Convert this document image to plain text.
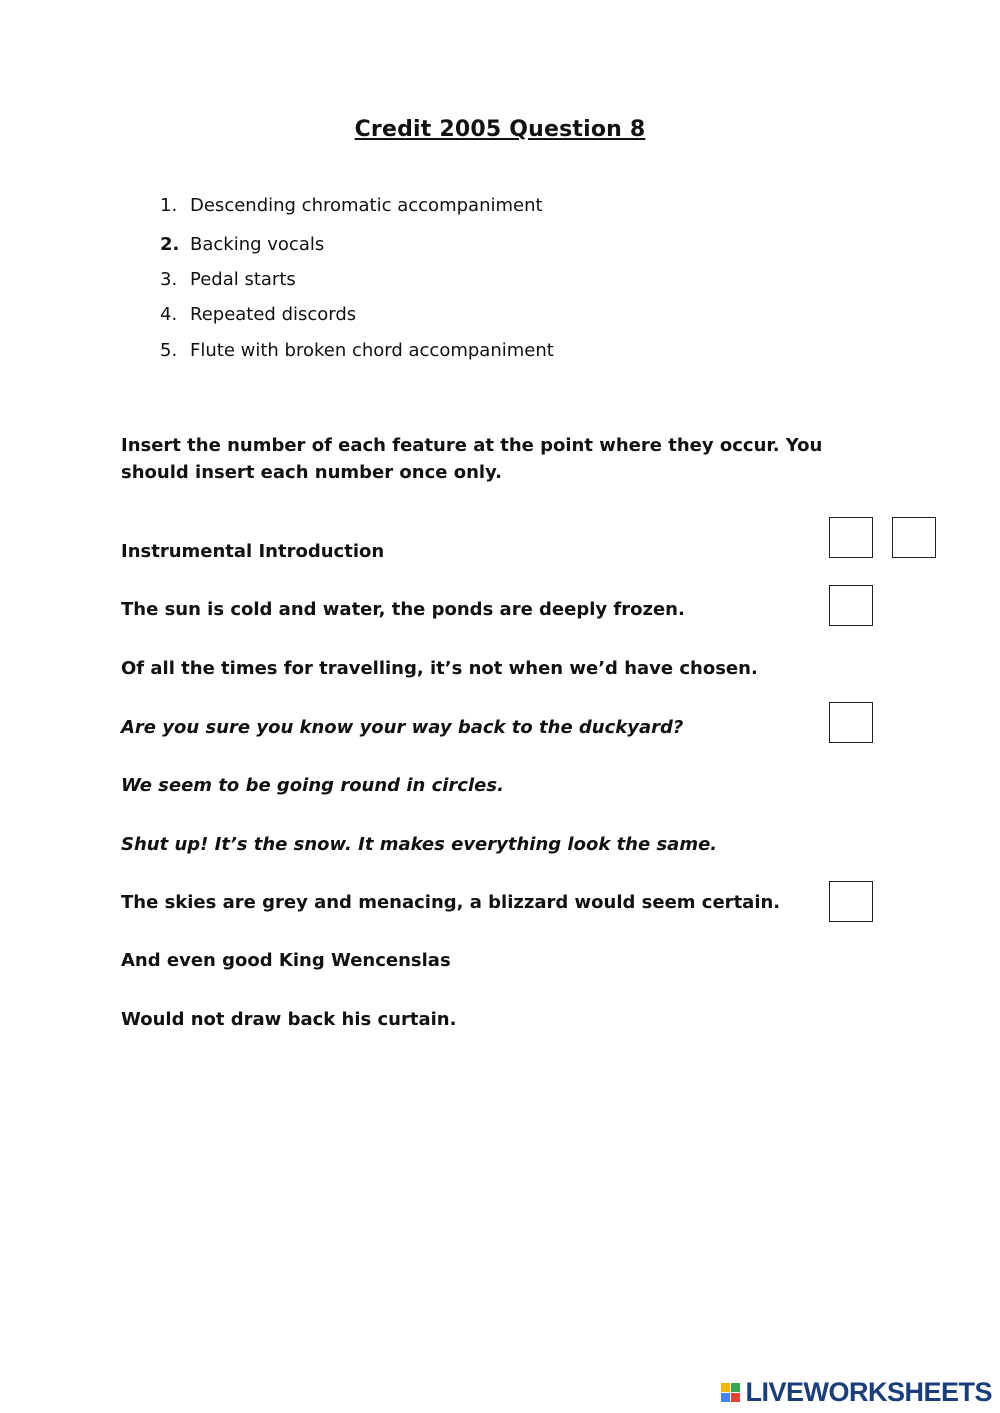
Credit 2005 Question 8
1. Descending chromatic accompaniment
2. Backing vocals
3. Pedal starts
4. Repeated discords
5. Flute with broken chord accompaniment
Insert the number of each feature at the point where they occur. You should insert each number once only.
Instrumental Introduction
The sun is cold and water, the ponds are deeply frozen.
Of all the times for travelling, it’s not when we’d have chosen.
Are you sure you know your way back to the duckyard?
We seem to be going round in circles.
Shut up! It’s the snow. It makes everything look the same.
The skies are grey and menacing, a blizzard would seem certain.
And even good King Wencenslas
Would not draw back his curtain.
LIVEWORKSHEETS
